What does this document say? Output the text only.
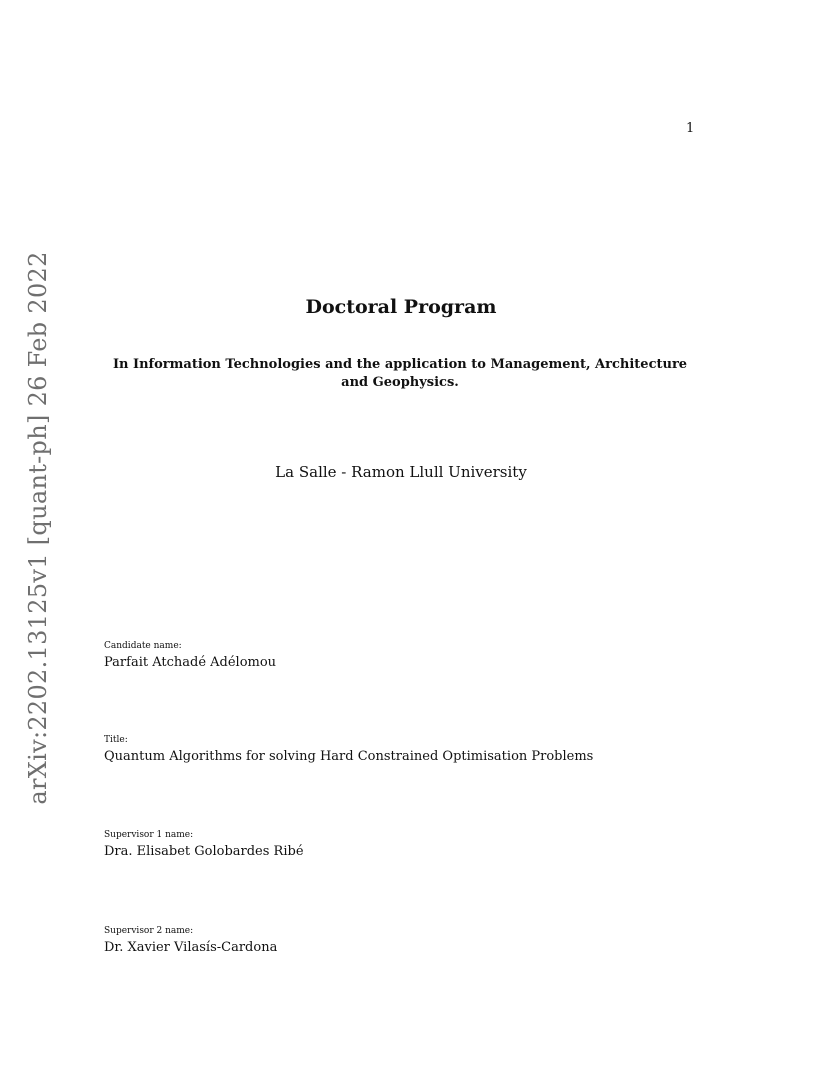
1
arXiv:2202.13125v1 [quant-ph] 26 Feb 2022	Doctoral Program
In Information Technologies and the application to Management, Architecture and Geophysics.
La Salle - Ramon Llull University
Candidate name:
Parfait Atchadé Adélomou
Title:
Quantum Algorithms for solving Hard Constrained Optimisation Problems
Supervisor 1 name:
Dra. Elisabet Golobardes Ribé
Supervisor 2 name:
Dr. Xavier Vilasís-Cardona
